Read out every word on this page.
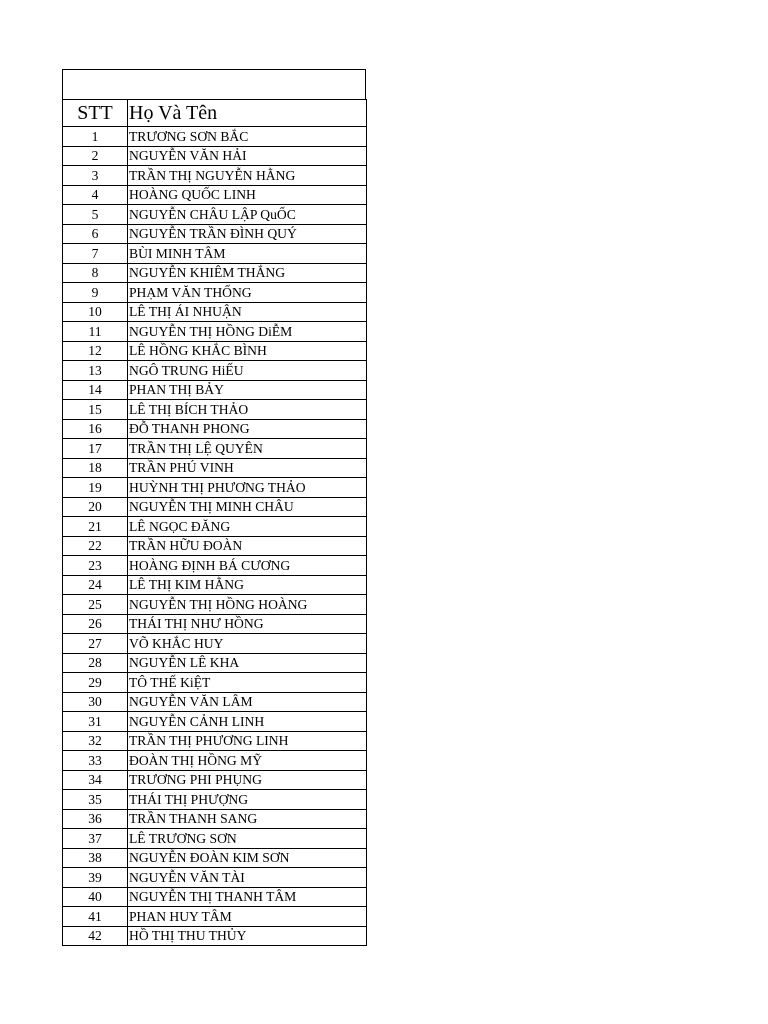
STT	Họ Và Tên
1	TRƯƠNG SƠN BẮC
2	NGUYỄN VĂN HẢI
3	TRẦN THỊ NGUYỄN HẰNG
4	HOÀNG QUỐC LINH
5	NGUYỄN CHÂU LẬP QuỐC
6	NGUYỄN TRẦN ĐÌNH QUÝ
7	BÙI MINH TÂM
8	NGUYỄN KHIÊM THẮNG
9	PHẠM VĂN THỐNG
10	LÊ THỊ ÁI NHUẬN
11	NGUYỄN THỊ HỒNG DiỄM
12	LÊ HỒNG KHẮC BÌNH
13	NGÔ TRUNG HiẾU
14	PHAN THỊ BẢY
15	LÊ THỊ BÍCH THẢO
16	ĐỖ THANH PHONG
17	TRẦN THỊ LỆ QUYÊN
18	TRẦN PHÚ VINH
19	HUỲNH THỊ PHƯƠNG THẢO
20	NGUYỄN THỊ MINH CHÂU
21	LÊ NGỌC ĐĂNG
22	TRẦN HỮU ĐOÀN
23	HOÀNG ĐỊNH BÁ CƯƠNG
24	LÊ THỊ KIM HẰNG
25	NGUYỄN THỊ HỒNG HOÀNG
26	THÁI THỊ NHƯ HỒNG
27	VÕ KHẮC HUY
28	NGUYỄN LÊ KHA
29	TÔ THẾ KiỆT
30	NGUYỄN VĂN LÂM
31	NGUYỄN CẢNH LINH
32	TRẦN THỊ PHƯƠNG LINH
33	ĐOÀN THỊ HỒNG MỸ
34	TRƯƠNG PHI PHỤNG
35	THÁI THỊ PHƯỢNG
36	TRẦN THANH SANG
37	LÊ TRƯƠNG SƠN
38	NGUYỄN ĐOÀN KIM SƠN
39	NGUYỄN VĂN TÀI
40	NGUYỄN THỊ THANH TÂM
41	PHAN HUY TÂM
42	HỒ THỊ THU THỦY
